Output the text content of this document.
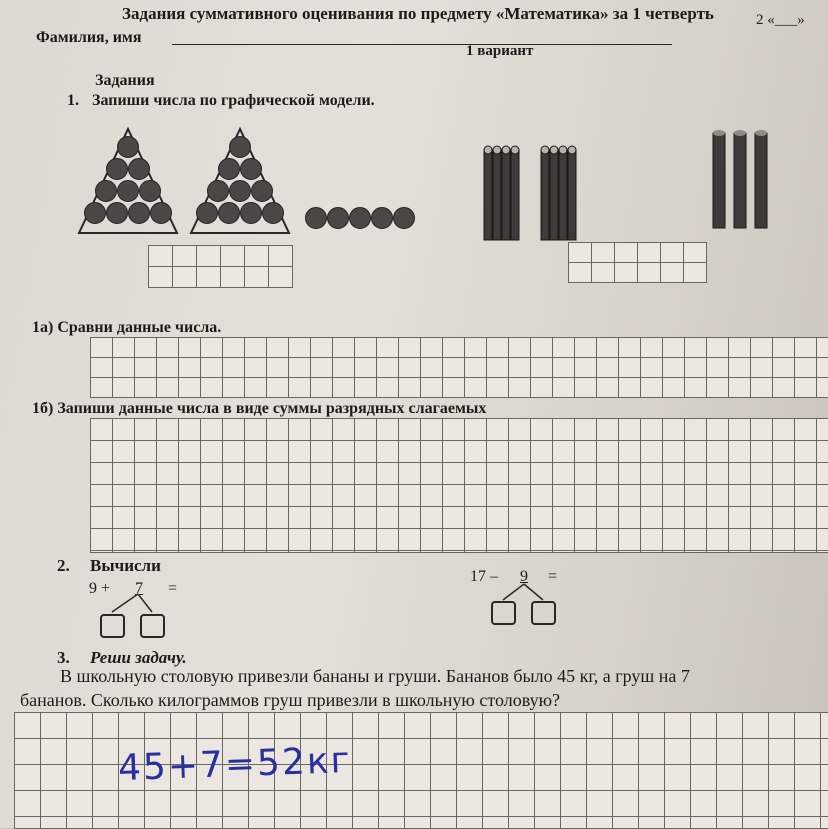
Задания суммативного оценивания по предмету «Математика» за 1 четверть
Фамилия, имя
2 «___»
1 вариант
Задания
1. Запиши числа по графической модели.
1а) Сравни данные числа.
1б) Запиши данные числа в виде суммы разрядных слагаемых
2. Вычисли
9 + 7 =
17 – 9 =
3. Реши задачу.
В школьную столовую привезли бананы и груши. Бананов было 45 кг, а груш на 7
бананов. Сколько килограммов груш привезли в школьную столовую?
45+7=52кг
